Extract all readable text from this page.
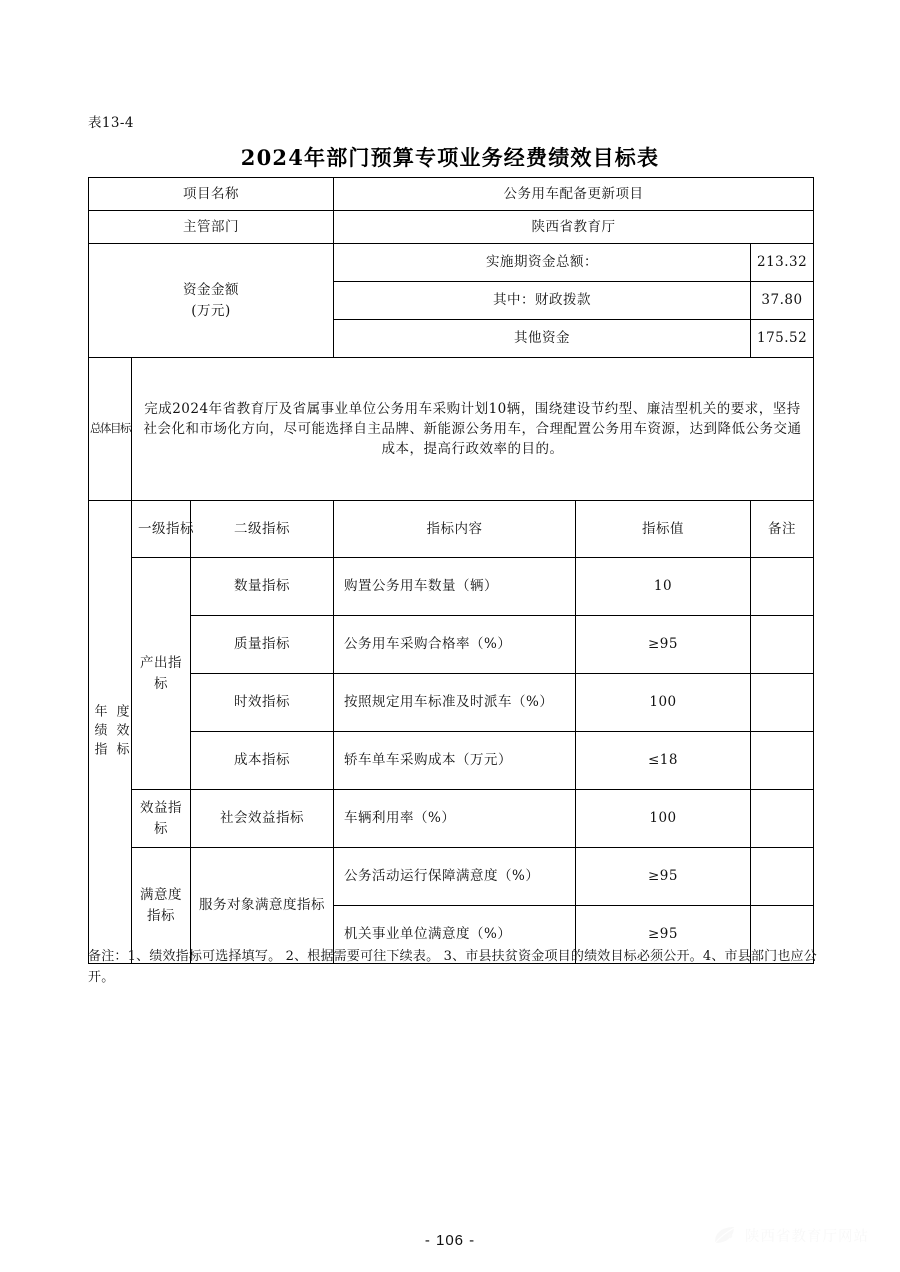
表13-4
2024年部门预算专项业务经费绩效目标表
项目名称			公务用车配备更新项目		
主管部门			陕西省教育厅		

资金金额
(万元)			实施期资金总额：		213.32
			其中：财政拨款		37.80
			其他资金		175.52

总体目标	完成2024年省教育厅及省属事业单位公务用车采购计划10辆，围绕建设节约型、廉洁型机关的要求，坚持社会化和市场化方向，尽可能选择自主品牌、新能源公务用车，合理配置公务用车资源，达到降低公务交通成本，提高行政效率的目的。				

年绩指 度效标	一级指标	二级指标	指标内容	指标值	备注
	产出指标	数量指标	购置公务用车数量（辆）	10	
		质量指标	公务用车采购合格率（%）	≥95	
		时效指标	按照规定用车标准及时派车（%）	100	
		成本指标	轿车单车采购成本（万元）	≤18	
	效益指标	社会效益指标	车辆利用率（%）	100	
	满意度指标	服务对象满意度指标	公务活动运行保障满意度（%）	≥95	
			机关事业单位满意度（%）	≥95	
备注：1、绩效指标可选择填写。 2、根据需要可往下续表。 3、市县扶贫资金项目的绩效目标必须公开。4、市县部门也应公开。
- 106 -	陕西省教育厅网站
